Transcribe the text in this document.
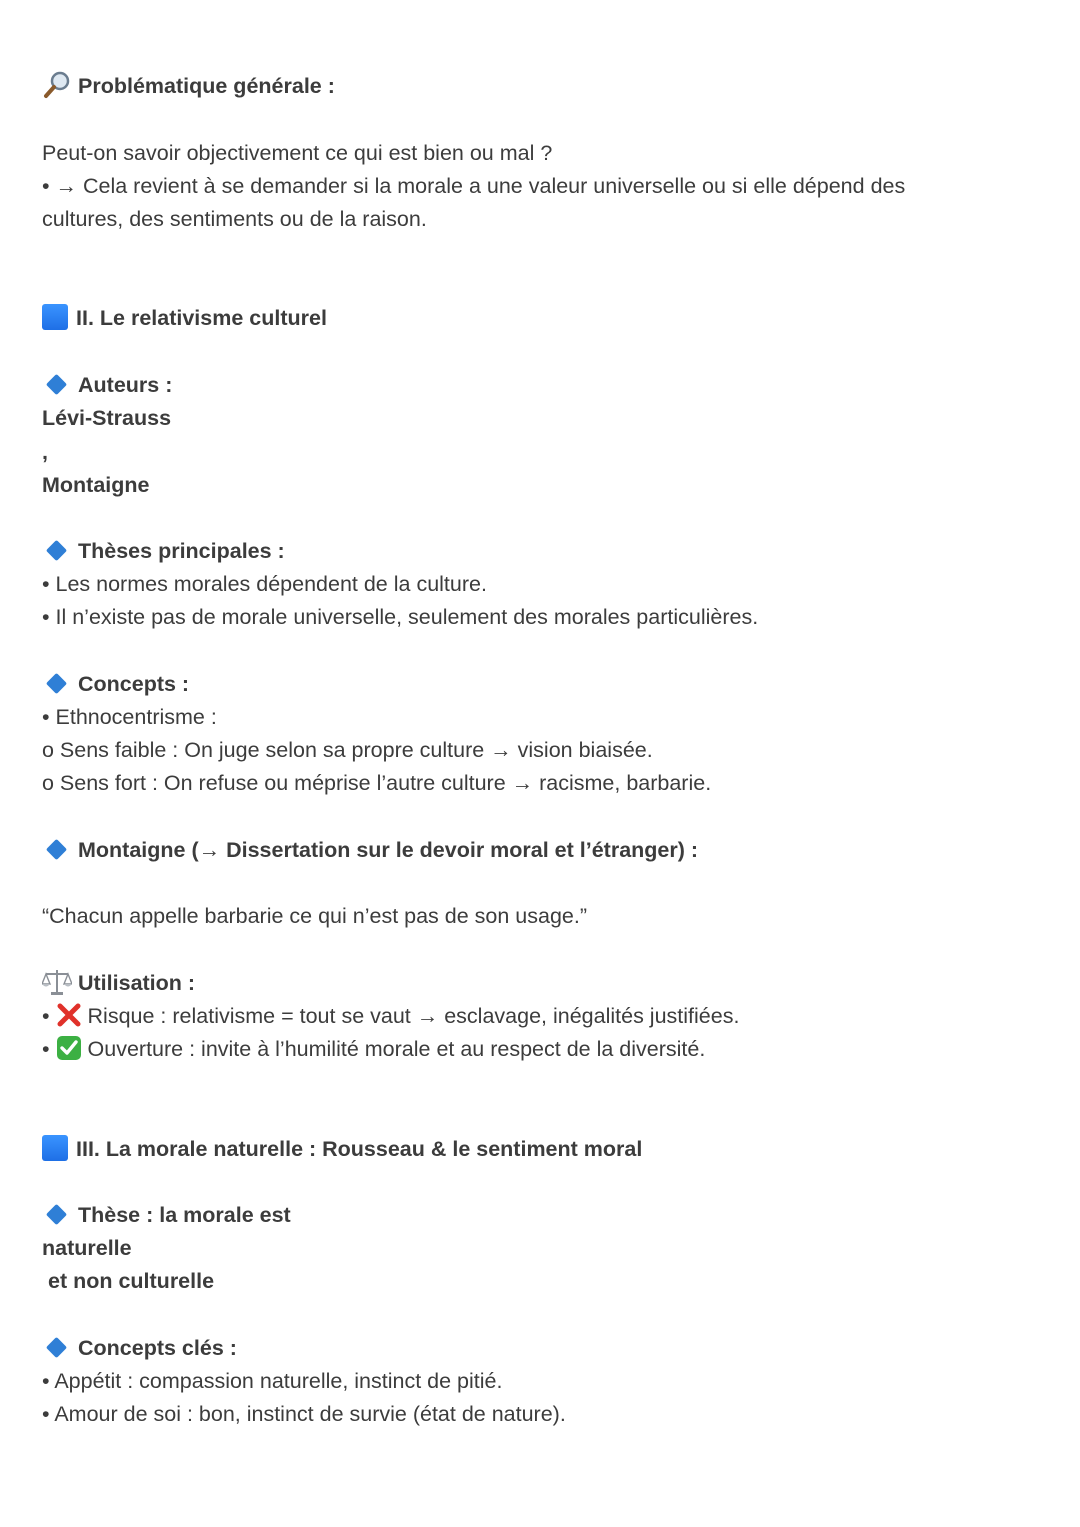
Problématique générale :
Peut-on savoir objectivement ce qui est bien ou mal ?
• → Cela revient à se demander si la morale a une valeur universelle ou si elle dépend des
cultures, des sentiments ou de la raison.
II. Le relativisme culturel
Auteurs :
Lévi-Strauss
,
Montaigne
Thèses principales :
• Les normes morales dépendent de la culture.
• Il n’existe pas de morale universelle, seulement des morales particulières.
Concepts :
• Ethnocentrisme :
o Sens faible : On juge selon sa propre culture → vision biaisée.
o Sens fort : On refuse ou méprise l’autre culture → racisme, barbarie.
Montaigne (→ Dissertation sur le devoir moral et l’étranger) :
“Chacun appelle barbarie ce qui n’est pas de son usage.”
Utilisation :
• Risque : relativisme = tout se vaut → esclavage, inégalités justifiées.
• Ouverture : invite à l’humilité morale et au respect de la diversité.
III. La morale naturelle : Rousseau & le sentiment moral
Thèse : la morale est
naturelle
et non culturelle
Concepts clés :
• Appétit : compassion naturelle, instinct de pitié.
• Amour de soi : bon, instinct de survie (état de nature).
